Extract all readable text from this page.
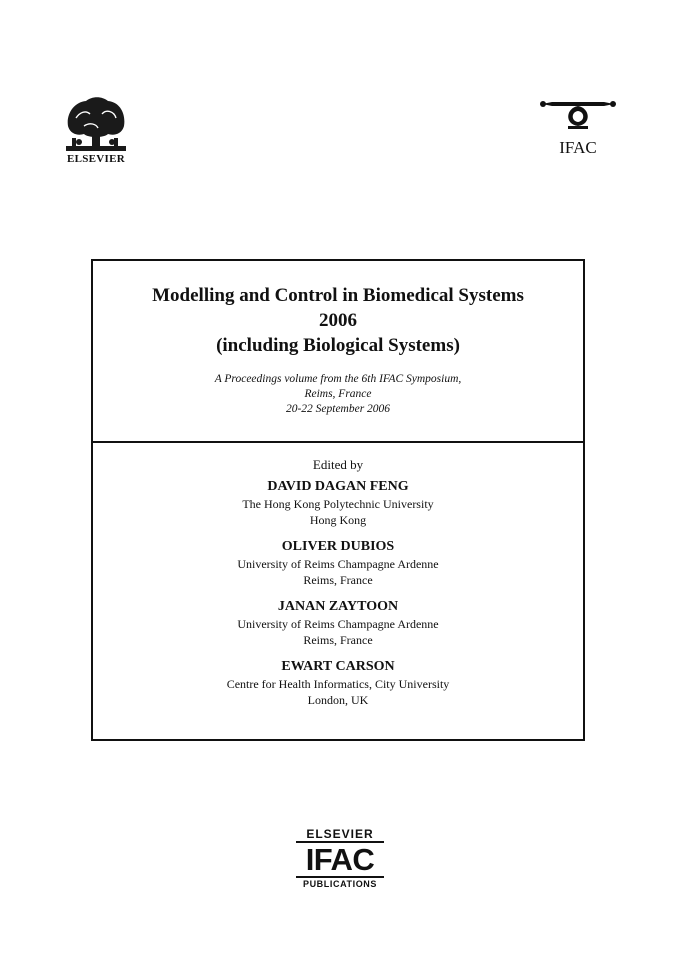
ELSEVIER
IFAC
Modelling and Control in Biomedical Systems
2006
(including Biological Systems)
A Proceedings volume from the 6th IFAC Symposium,
Reims, France
20-22 September 2006
Edited by
DAVID DAGAN FENG
The Hong Kong Polytechnic University
Hong Kong
OLIVER DUBIOS
University of Reims Champagne Ardenne
Reims, France
JANAN ZAYTOON
University of Reims Champagne Ardenne
Reims, France
EWART CARSON
Centre for Health Informatics, City University
London, UK
ELSEVIER
IFAC
PUBLICATIONS
